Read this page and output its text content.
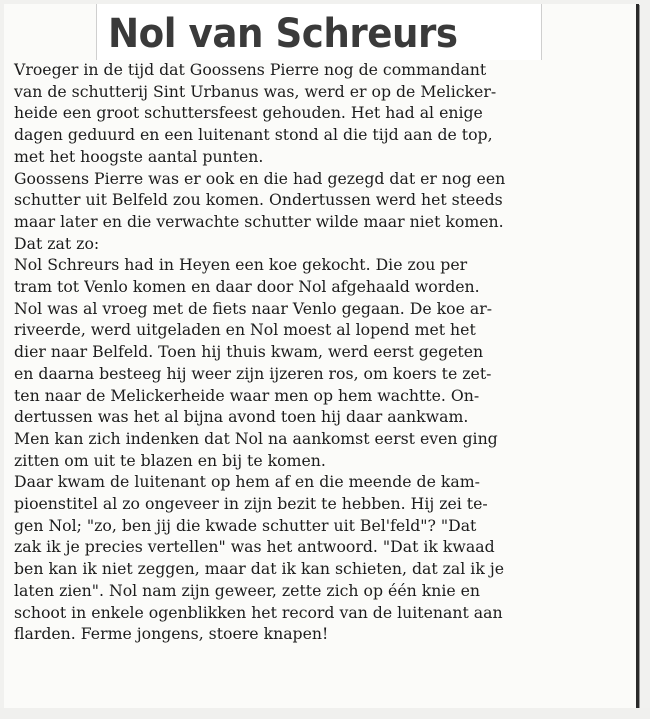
Nol van Schreurs

Vroeger in de tijd dat Goossens Pierre nog de commandant
van de schutterij Sint Urbanus was, werd er op de Melicker-
heide een groot schuttersfeest gehouden. Het had al enige
dagen geduurd en een luitenant stond al die tijd aan de top,
met het hoogste aantal punten.

Goossens Pierre was er ook en die had gezegd dat er nog een
schutter uit Belfeld zou komen. Ondertussen werd het steeds
maar later en die verwachte schutter wilde maar niet komen.
Dat zat zo:

Nol Schreurs had in Heyen een koe gekocht. Die zou per
tram tot Venlo komen en daar door Nol afgehaald worden.
Nol was al vroeg met de fiets naar Venlo gegaan. De koe ar-
riveerde, werd uitgeladen en Nol moest al lopend met het
dier naar Belfeld. Toen hij thuis kwam, werd eerst gegeten
en daarna besteeg hij weer zijn ijzeren ros, om koers te zet-
ten naar de Melickerheide waar men op hem wachtte. On-
dertussen was het al bijna avond toen hij daar aankwam.
Men kan zich indenken dat Nol na aankomst eerst even ging
zitten om uit te blazen en bij te komen.

Daar kwam de luitenant op hem af en die meende de kam-
pioenstitel al zo ongeveer in zijn bezit te hebben. Hij zei te-
gen Nol; "zo, ben jij die kwade schutter uit Bel'feld"? "Dat
zak ik je precies vertellen" was het antwoord. "Dat ik kwaad
ben kan ik niet zeggen, maar dat ik kan schieten, dat zal ik je
laten zien". Nol nam zijn geweer, zette zich op één knie en
schoot in enkele ogenblikken het record van de luitenant aan
flarden. Ferme jongens, stoere knapen!
